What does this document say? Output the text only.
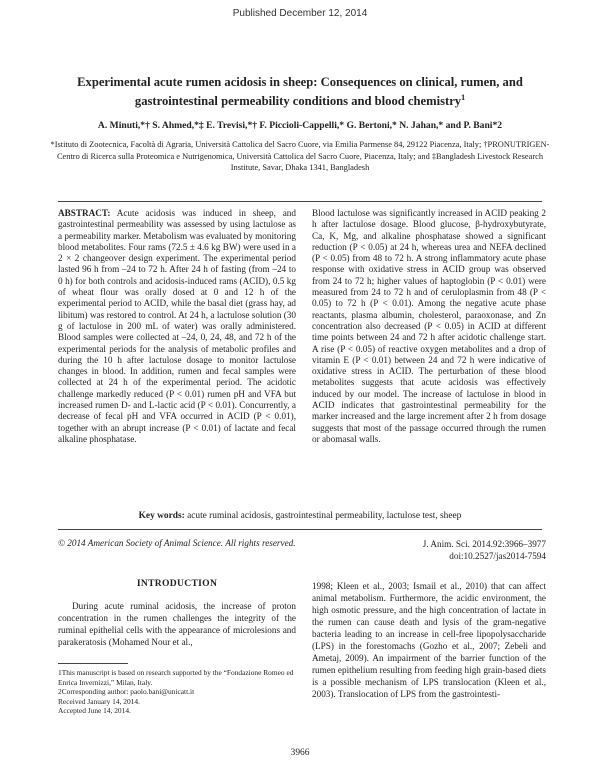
Published December 12, 2014
Experimental acute rumen acidosis in sheep: Consequences on clinical, rumen, and gastrointestinal permeability conditions and blood chemistry$^1$
A. Minuti,*† S. Ahmed,*‡ E. Trevisi,*† F. Piccioli-Cappelli,* G. Bertoni,* N. Jahan,* and P. Bani*2
*Istituto di Zootecnica, Facoltà di Agraria, Università Cattolica del Sacro Cuore, via Emilia Parmense 84, 29122 Piacenza, Italy; †PRONUTRIGEN- Centro di Ricerca sulla Proteomica e Nutrigenomica, Università Cattolica del Sacro Cuore, Piacenza, Italy; and ‡Bangladesh Livestock Research Institute, Savar, Dhaka 1341, Bangladesh
ABSTRACT: Acute acidosis was induced in sheep, and gastrointestinal permeability was assessed by using lactulose as a permeability marker. Metabolism was evaluated by monitoring blood metabolites. Four rams (72.5 ± 4.6 kg BW) were used in a 2 × 2 changeover design experiment. The experimental period lasted 96 h from –24 to 72 h. After 24 h of fasting (from –24 to 0 h) for both controls and acidosis-induced rams (ACID), 0.5 kg of wheat flour was orally dosed at 0 and 12 h of the experimental period to ACID, while the basal diet (grass hay, ad libitum) was restored to control. At 24 h, a lactulose solution (30 g of lactulose in 200 mL of water) was orally administered. Blood samples were collected at –24, 0, 24, 48, and 72 h of the experimental periods for the analysis of metabolic profiles and during the 10 h after lactulose dosage to monitor lactulose changes in blood. In addition, rumen and fecal samples were collected at 24 h of the experimental period. The acidotic challenge markedly reduced (P < 0.01) rumen pH and VFA but increased rumen D- and L-lactic acid (P < 0.01). Concurrently, a decrease of fecal pH and VFA occurred in ACID (P < 0.01), together with an abrupt increase (P < 0.01) of lactate and fecal alkaline phosphatase.
Blood lactulose was significantly increased in ACID peaking 2 h after lactulose dosage. Blood glucose, β-hydroxybutyrate, Ca, K, Mg, and alkaline phosphatase showed a significant reduction (P < 0.05) at 24 h, whereas urea and NEFA declined (P < 0.05) from 48 to 72 h. A strong inflammatory acute phase response with oxidative stress in ACID group was observed from 24 to 72 h; higher values of haptoglobin (P < 0.01) were measured from 24 to 72 h and of ceruloplasmin from 48 (P < 0.05) to 72 h (P < 0.01). Among the negative acute phase reactants, plasma albumin, cholesterol, paraoxonase, and Zn concentration also decreased (P < 0.05) in ACID at different time points between 24 and 72 h after acidotic challenge start. A rise (P < 0.05) of reactive oxygen metabolites and a drop of vitamin E (P < 0.01) between 24 and 72 h were indicative of oxidative stress in ACID. The perturbation of these blood metabolites suggests that acute acidosis was effectively induced by our model. The increase of lactulose in blood in ACID indicates that gastrointestinal permeability for the marker increased and the large increment after 2 h from dosage suggests that most of the passage occurred through the rumen or abomasal walls.
Key words: acute ruminal acidosis, gastrointestinal permeability, lactulose test, sheep
© 2014 American Society of Animal Science. All rights reserved.	J. Anim. Sci. 2014.92:3966–3977
doi:10.2527/jas2014-7594
INTRODUCTION
During acute ruminal acidosis, the increase of proton concentration in the rumen challenges the integrity of the ruminal epithelial cells with the appearance of microlesions and parakeratosis (Mohamed Nour et al.,
1998; Kleen et al., 2003; Ismail et al., 2010) that can affect animal metabolism. Furthermore, the acidic environment, the high osmotic pressure, and the high concentration of lactate in the rumen can cause death and lysis of the gram-negative bacteria leading to an increase in cell-free lipopolysaccharide (LPS) in the forestomachs (Gozho et al., 2007; Zebeli and Ametaj, 2009). An impairment of the barrier function of the rumen epithelium resulting from feeding high grain-based diets is a possible mechanism of LPS translocation (Kleen et al., 2003). Translocation of LPS from the gastrointesti-

1This manuscript is based on research supported by the “Fondazione Romeo ed Enrica Invernizzi,” Milan, Italy.

2Corresponding author: paolo.bani@unicatt.it

Received January 14, 2014.

Accepted June 14, 2014.

3966
